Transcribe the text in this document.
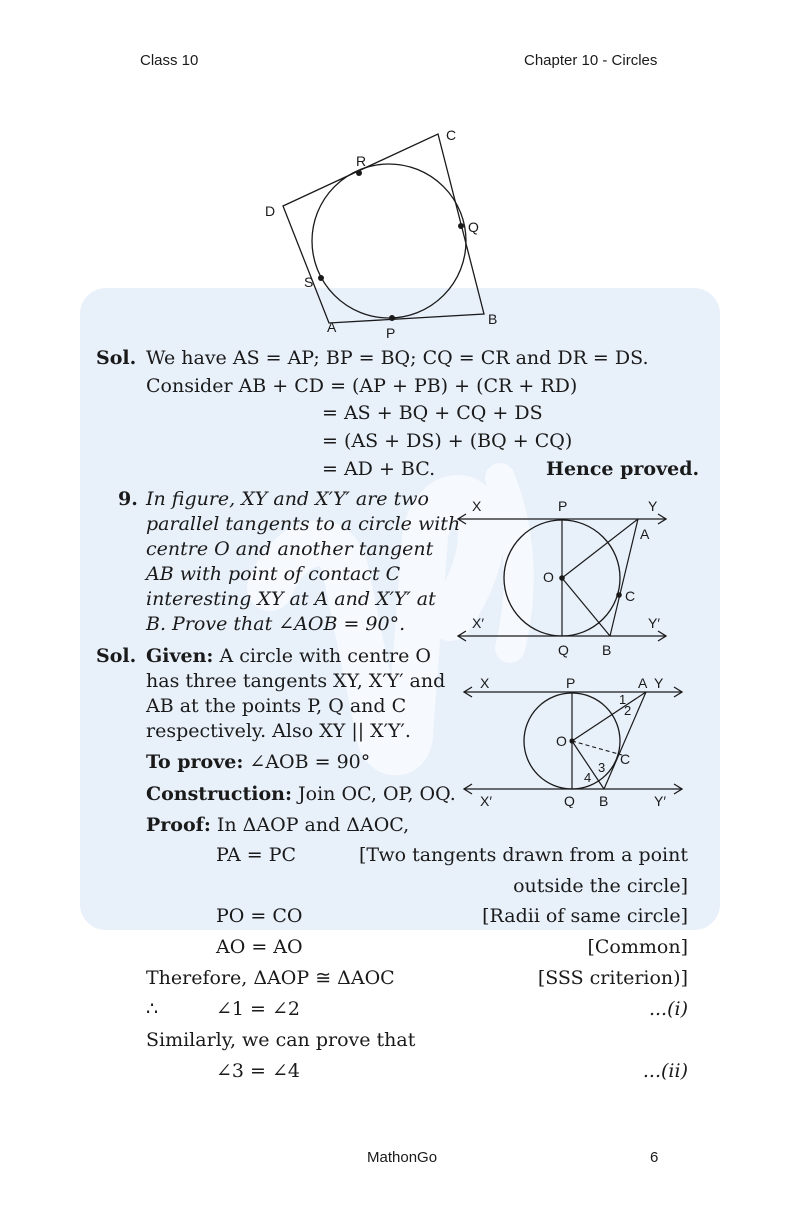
Class 10	Chapter 10 - Circles
C
R
D
Q
S
A	P
B
Sol. We have AS = AP; BP = BQ; CQ = CR and DR = DS.
Consider AB + CD = (AP + PB) + (CR + RD)
= AS + BQ + CQ + DS
= (AS + DS) + (BQ + CQ)
= AD + BC.	Hence proved.
9. In figure, XY and X′Y′ are two
parallel tangents to a circle with
centre O and another tangent
AB with point of contact C
interesting XY at A and X′Y′ at
B. Prove that ∠AOB = 90°.
X	P	Y
A
O
C
X′	Y′
Q B
Sol. Given: A circle with centre O
has three tangents XY, X′Y′ and
AB at the points P, Q and C
respectively. Also XY || X′Y′.
To prove: ∠AOB = 90°
Construction: Join OC, OP, OQ.
Proof: In ΔAOP and ΔAOC,
X	P	A Y
1
2
O
3
C
4
X′	Q B	Y′
PA = PC	[Two tangents drawn from a point
outside the circle]
PO = CO	[Radii of same circle]
AO = AO	[Common]
Therefore, ΔAOP ≅ ΔAOC	[SSS criterion)]
∴	∠1 = ∠2	...(i)
Similarly, we can prove that
∠3 = ∠4	...(ii)
MathonGo	6
